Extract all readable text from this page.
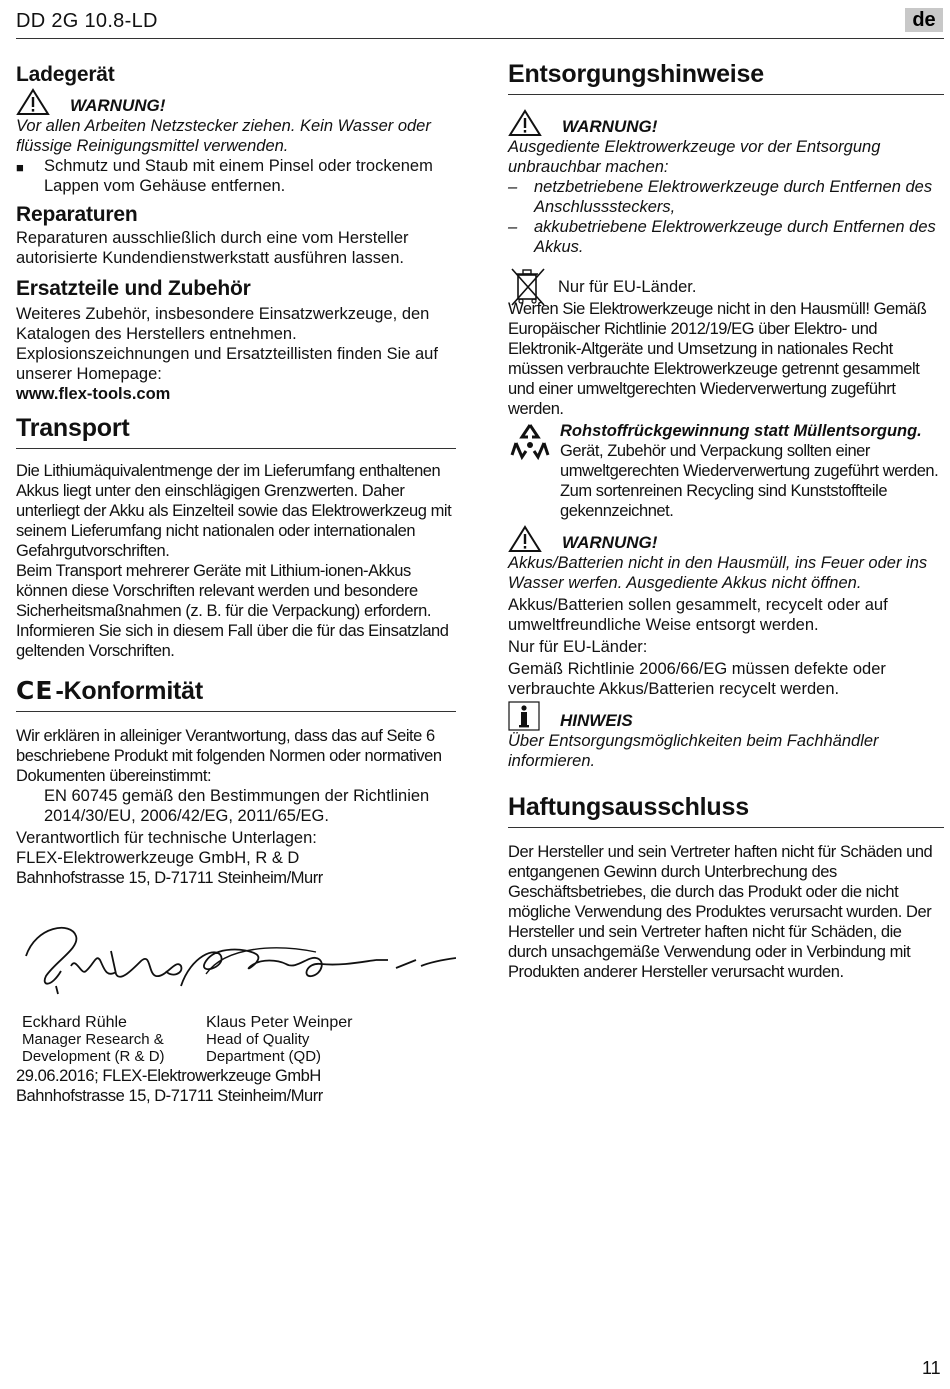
DD 2G 10.8-LD	de
Ladegerät
WARNUNG!
Vor allen Arbeiten Netzstecker ziehen. Kein Wasser oder flüssige Reinigungsmittel verwenden.
■	Schmutz und Staub mit einem Pinsel oder trockenem Lappen vom Gehäuse entfernen.
Reparaturen
Reparaturen ausschließlich durch eine vom Hersteller autorisierte Kundendienstwerkstatt ausführen lassen.
Ersatzteile und Zubehör
Weiteres Zubehör, insbesondere Einsatzwerkzeuge, den Katalogen des Herstellers entnehmen.
Explosionszeichnungen und Ersatzteillisten finden Sie auf unserer Homepage:
www.flex-tools.com
Transport
Die Lithiumäquivalentmenge der im Lieferumfang enthaltenen Akkus liegt unter den einschlägigen Grenzwerten. Daher unterliegt der Akku als Einzelteil sowie das Elektrowerkzeug mit seinem Lieferumfang nicht nationalen oder internationalen Gefahrgutvorschriften.
Beim Transport mehrerer Geräte mit Lithium-ionen-Akkus können diese Vorschriften relevant werden und besondere Sicherheitsmaßnahmen (z. B. für die Verpackung) erfordern. Informieren Sie sich in diesem Fall über die für das Einsatzland geltenden Vorschriften.
CE -Konformität
Wir erklären in alleiniger Verantwortung, dass das auf Seite 6 beschriebene Produkt mit folgenden Normen oder normativen Dokumenten übereinstimmt:
EN 60745 gemäß den Bestimmungen der Richtlinien 2014/30/EU, 2006/42/EG, 2011/65/EG.
Verantwortlich für technische Unterlagen:
FLEX-Elektrowerkzeuge GmbH, R & D
Bahnhofstrasse 15, D-71711 Steinheim/Murr
Eckhard Rühle
Manager Research &
Development (R & D)
Klaus Peter Weinper
Head of Quality
Department (QD)
29.06.2016; FLEX-Elektrowerkzeuge GmbH
Bahnhofstrasse 15, D-71711 Steinheim/Murr
Entsorgungshinweise
WARNUNG!
Ausgediente Elektrowerkzeuge vor der Entsorgung unbrauchbar machen:
–	netzbetriebene Elektrowerkzeuge durch Entfernen des Anschlusssteckers,
–	akkubetriebene Elektrowerkzeuge durch Entfernen des Akkus.
Nur für EU-Länder.
Werfen Sie Elektrowerkzeuge nicht in den Hausmüll! Gemäß Europäischer Richtlinie 2012/19/EG über Elektro- und Elektronik-Altgeräte und Umsetzung in nationales Recht müssen verbrauchte Elektrowerkzeuge getrennt gesammelt und einer umweltgerechten Wiederverwertung zugeführt werden.
Rohstoffrückgewinnung statt Müllentsorgung.
Gerät, Zubehör und Verpackung sollten einer umweltgerechten Wiederverwertung zugeführt werden. Zum sortenreinen Recycling sind Kunststoffteile gekennzeichnet.
WARNUNG!
Akkus/Batterien nicht in den Hausmüll, ins Feuer oder ins Wasser werfen. Ausgediente Akkus nicht öffnen.
Akkus/Batterien sollen gesammelt, recycelt oder auf umweltfreundliche Weise entsorgt werden.
Nur für EU-Länder:
Gemäß Richtlinie 2006/66/EG müssen defekte oder verbrauchte Akkus/Batterien recycelt werden.
HINWEIS
Über Entsorgungsmöglichkeiten beim Fachhändler informieren.
Haftungsausschluss
Der Hersteller und sein Vertreter haften nicht für Schäden und entgangenen Gewinn durch Unterbrechung des Geschäftsbetriebes, die durch das Produkt oder die nicht mögliche Verwendung des Produktes verursacht wurden. Der Hersteller und sein Vertreter haften nicht für Schäden, die durch unsachgemäße Verwendung oder in Verbindung mit Produkten anderer Hersteller verursacht wurden.
11
